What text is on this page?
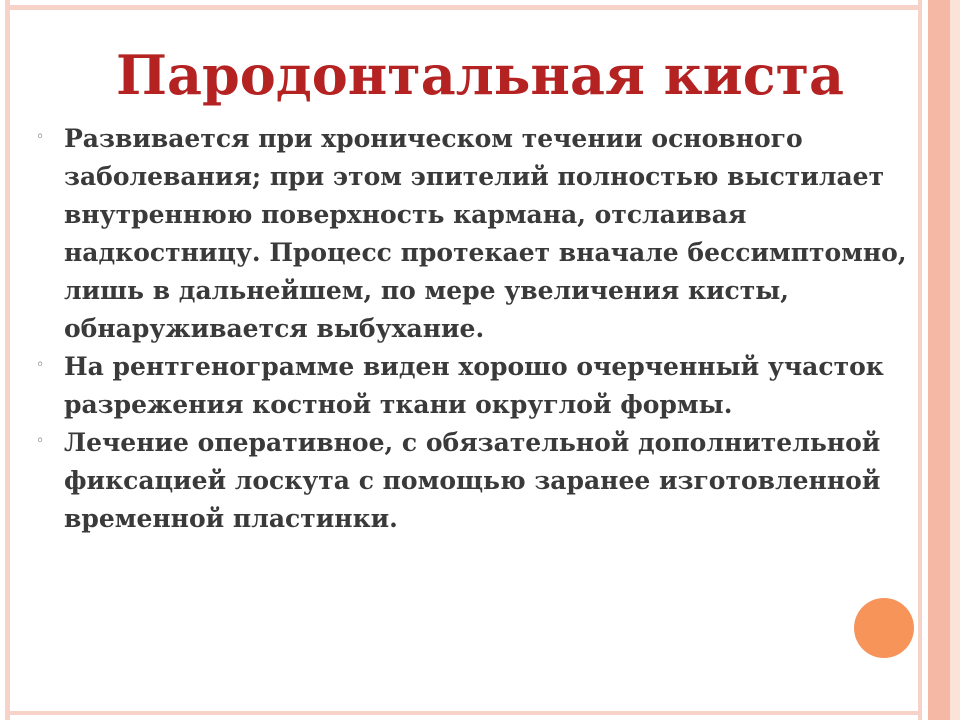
Пародонтальная киста
◦ Развивается при хроническом течении основного заболевания; при этом эпителий полностью выстилает внутреннюю поверхность кармана, отслаивая надкостницу. Процесс протекает вначале бессимптомно, лишь в дальнейшем, по мере увеличения кисты, обнаруживается выбухание.
◦ На рентгенограмме виден хорошо очерченный участок разрежения костной ткани округлой формы.
◦ Лечение оперативное, с обязательной дополнительной фиксацией лоскута с помощью заранее изготовленной временной пластинки.
